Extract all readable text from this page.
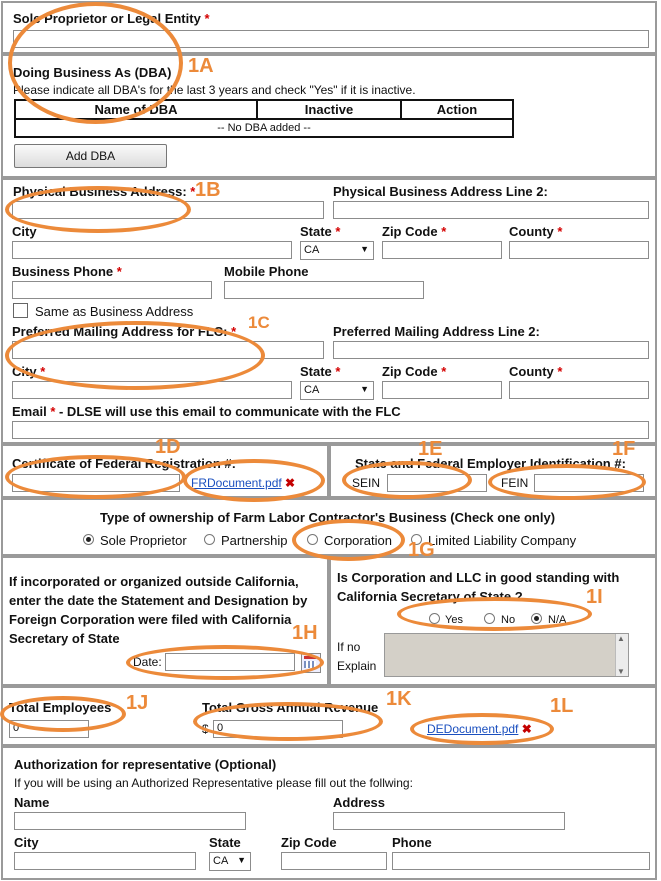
Sole Proprietor or Legal Entity *
Doing Business As (DBA)
Please indicate all DBA's for the last 3 years and check "Yes" if it is inactive.
Name of DBA	Inactive	Action
-- No DBA added --
Add DBA
Physical Business Address: *	Physical Business Address Line 2:
City	State *	Zip Code *	County *
CA	▼
Business Phone *	Mobile Phone
Same as Business Address
Preferred Mailing Address for FLC: *	Preferred Mailing Address Line 2:
City *	State *	Zip Code *	County *
CA	▼
Email * - DLSE will use this email to communicate with the FLC
Certificate of Federal Registration #:
FRDocument.pdf ✖
State and Federal Employer Identification #:
SEIN	FEIN
Type of ownership of Farm Labor Contractor's Business (Check one only)
Sole Proprietor	Partnership	Corporation	Limited Liability Company
If incorporated or organized outside California,
enter the date the Statement and Designation by
Foreign Corporation were filed with California
Secretary of State
Date:
Is Corporation and LLC in good standing with
California Secretary of State ?
Yes	No	N/A
If no
Explain
▲
▼
Total Employees
0
Total Gross Annual Revenue
$ 0	DEDocument.pdf ✖
Authorization for representative (Optional)
If you will be using an Authorized Representative please fill out the follwing:
Name	Address
City	State	Zip Code	Phone
CA ▼
1A
1B
1C
1D	1E	1F
1G
1H
1I
1J	1K	1L
